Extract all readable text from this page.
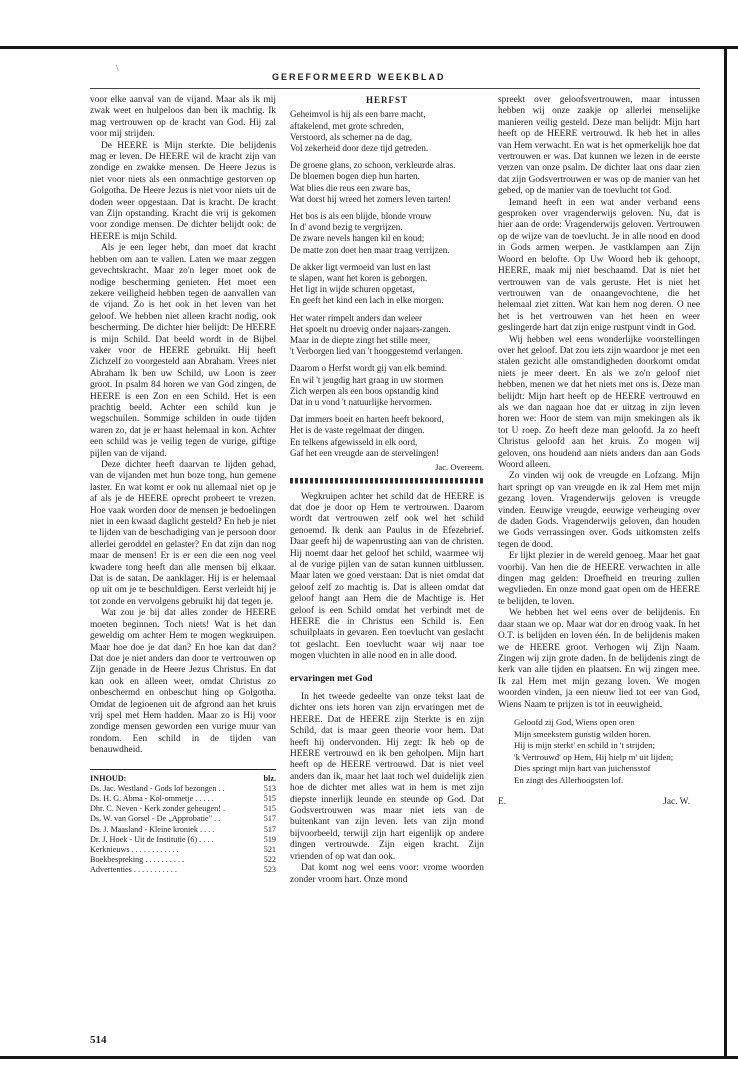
\
GEREFORMEERD WEEKBLAD

voor elke aanval van de vijand. Maar als ik mij zwak weet en hulpeloos dan ben ik machtig. Ik mag vertrouwen op de kracht van God. Hij zal voor mij strijden.

De HEERE is Mijn sterkte. Die belijdenis mag er leven. De HEERE wil de kracht zijn van zondige en zwakke mensen. De Heere Jezus is niet voor niets als een onmachtige gestorven op Golgotha. De Heere Jezus is niet voor niets uit de doden weer opgestaan. Dat is kracht. De kracht van Zijn opstanding. Kracht die vrij is gekomen voor zondige mensen. De dichter belijdt ook: de HEERE is mijn Schild.

Als je een leger hebt, dan moet dat kracht hebben om aan te vallen. Laten we maar zeggen gevechtskracht. Maar zo'n leger moet ook de nodige bescherming genieten. Het moet een zekere veiligheid hebben tegen de aanvallen van de vijand. Zo is het ook in het leven van het geloof. We hebben niet alleen kracht nodig, ook bescherming. De dichter hier belijdt: De HEERE is mijn Schild. Dat beeld wordt in de Bijbel vaker voor de HEERE gebruikt. Hij heeft Zichzelf zo voorgesteld aan Abraham. Vrees niet Abraham Ik ben uw Schild, uw Loon is zeer groot. In psalm 84 horen we van God zingen, de HEERE is een Zon en een Schild. Het is een prachtig beeld. Achter een schild kun je wegschuilen. Sommige schilden in oude tijden waren zo, dat je er haast helemaal in kon. Achter een schild was je veilig tegen de vurige, giftige pijlen van de vijand.

Deze dichter heeft daarvan te lijden gehad, van de vijanden met hun boze tong, hun gemene laster. En wat komt er ook nu allemaal niet op je af als je de HEERE oprecht probeert te vrezen. Hoe vaak worden door de mensen je bedoelingen niet in een kwaad daglicht gesteld? En heb je niet te lijden van de beschadiging van je persoon door allerlei geroddel en gelaster? En dat zijn dan nog maar de mensen! Er is er een die een nog veel kwadere tong heeft dan alle mensen bij elkaar. Dat is de satan. De aanklager. Hij is er helemaal op uit om je te beschuldigen. Eerst verleidt hij je tot zonde en vervolgens gebruikt hij dat tegen je.

Wat zou je bij dat alles zonder de HEERE moeten beginnen. Toch niets! Wat is het dan geweldig om achter Hem te mogen wegkruipen. Maar hoe doe je dat dan? En hoe kan dat dan? Dat doe je niet anders dan door te vertrouwen op Zijn genade in de Heere Jezus Christus. En dat kan ook en alleen weer, omdat Christus zo onbeschermd en onbeschut hing op Golgotha. Omdat de legioenen uit de afgrond aan het kruis vrij spel met Hem hadden. Maar zo is Hij voor zondige mensen geworden een vurige muur van rondom. Een schild in de tijden van benauwdheid.

INHOUD:	blz.
Ds. Jac. Westland - Gods lof bezongen . .	513
Ds. H. G. Abma - Kol-ommetje . . . . .	515
Dhr. C. Neven - Kerk zonder geheugen! .	515
Ds. W. van Gorsel - De „Approbatie" . .	517
Ds. J. Maasland - Kleine kroniek . . . .	517
Dr. J. Hoek - Uit de Institutie (6) . . . .	519
Kerknieuws . . . . . . . . . . . .	521
Boekbespreking . . . . . . . . . .	522
Advertenties . . . . . . . . . . .	523
HERFST
Geheimvol is hij als een barre macht,
aftakelend, met grote schreden,
Verstoord, als schemer na de dag,
Vol zekerheid door deze tijd getreden.
De groene glans, zo schoon, verkleurde alras.
De bloemen bogen diep hun harten.
Wat blies die reus een zware bas,
Wat dorst hij wreed het zomers leven tarten!
Het bos is als een blijde, blonde vrouw
In d' avond bezig te vergrijzen.
De zware nevels hangen kil en koud;
De matte zon doet hen maar traag verrijzen.
De akker ligt vermoeid van lust en last
te slapen, want het koren is geborgen.
Het ligt in wijde schuren opgetast,
En geeft het kind een lach in elke morgen.
Het water rimpelt anders dan weleer
Het spoelt nu droevig onder najaars-zangen.
Maar in de diepte zingt het stille meer,
't Verborgen lied van 't hooggestemd verlangen.
Daarom o Herfst wordt gij van elk bemind.
En wil 't jeugdig hart graag in uw stormen
Zich werpen als een boos opstandig kind
Dat in u vond 't natuurlijke hervormen.
Dat immers boeit en harten heeft bekoord,
Het is de vaste regelmaat der dingen.
En telkens afgewisseld in elk oord,
Gaf het een vreugde aan de stervelingen!
Jac. Overeem.

Wegkruipen achter het schild dat de HEERE is dat doe je door op Hem te vertrouwen. Daarom wordt dat vertrouwen zelf ook wel het schild genoemd. Ik denk aan Paulus in de Efezebrief. Daar geeft hij de wapenrusting aan van de christen. Hij noemt daar het geloof het schild, waarmee wij al de vurige pijlen van de satan kunnen uitblussen. Maar laten we goed verstaan: Dat is niet omdat dat geloof zelf zo machtig is. Dat is alleen omdat dat geloof hangt aan Hem die de Machtige is. Het geloof is een Schild omdat het verbindt met de HEERE die in Christus een Schild is. Een schuilplaats in gevaren. Een toevlucht van geslacht tot geslacht. Een toevlucht waar wij naar toe mogen vluchten in alle nood en in alle dood.

ervaringen met God

In het tweede gedeelte van onze tekst laat de dichter ons iets horen van zijn ervaringen met de HEERE. Dat de HEERE zijn Sterkte is en zijn Schild, dat is maar geen theorie voor hem. Dat heeft hij ondervonden. Hij zegt: Ik heb op de HEERE vertrouwd en ik ben geholpen. Mijn hart heeft op de HEERE vertrouwd. Dat is niet veel anders dan ik, maar het laat toch wel duidelijk zien hoe de dichter met alles wat in hem is met zijn diepste innerlijk leunde en steunde op God. Dat Godsvertrouwen was maar niet iets van de buitenkant van zijn leven. Iets van zijn mond bijvoorbeeld, terwijl zijn hart eigenlijk op andere dingen vertrouwde. Zijn eigen kracht. Zijn vrienden of op wat dan ook.

Dat komt nog wel eens voor: vrome woorden zonder vroom hart. Onze mond

spreekt over geloofsvertrouwen, maar intussen hebben wij onze zaakje op allerlei menselijke manieren veilig gesteld. Deze man belijdt: Mijn hart heeft op de HEERE vertrouwd. Ik heb het in alles van Hem verwacht. En wat is het opmerkelijk hoe dat vertrouwen er was. Dat kunnen we lezen in de eerste verzen van onze psalm. De dichter laat ons daar zien dat zijn Godsvertrouwen er was op de manier van het gebed, op de manier van de toevlucht tot God.

Iemand heeft in een wat ander verband eens gesproken over vragenderwijs geloven. Nu, dat is hier aan de orde: Vragenderwijs geloven. Vertrouwen op de wijze van de toevlucht. Je in alle nood en dood in Gods armen werpen. Je vastklampen aan Zijn Woord en belofte. Op Uw Woord heb ik gehoopt, HEERE, maak mij niet beschaamd. Dat is niet het vertrouwen van de vals geruste. Het is niet het vertrouwen van de onaangevochtene, die het helemaal ziet zitten. Wat kan hem nog deren. O nee het is het vertrouwen van het heen en weer geslingerde hart dat zijn enige rustpunt vindt in God.

Wij hebben wel eens wonderlijke voorstellingen over het geloof. Dat zou iets zijn waardoor je met een stalen gezicht alle omstandigheden doorkomt omdat niets je meer deert. En als we zo'n geloof niet hebben, menen we dat het niets met ons is. Deze man belijdt: Mijn hart heeft op de HEERE vertrouwd en als we dan nagaan hoe dat er uitzag in zijn leven horen we: Hoor de stem van mijn smekingen als ik tot U roep. Zo heeft deze man geloofd. Ja zo heeft Christus geloofd aan het kruis. Zo mogen wij geloven, ons houdend aan niets anders dan aan Gods Woord alleen.

Zo vinden wij ook de vreugde en Lofzang. Mijn hart springt op van vreugde en ik zal Hem met mijn gezang loven. Vragenderwijs geloven is vreugde vinden. Eeuwige vreugde, eeuwige verheuging over de daden Gods. Vragenderwijs geloven, dan houden we Gods verrassingen over. Gods uitkomsten zelfs tegen de dood.

Er lijkt plezier in de wereld genoeg. Maar het gaat voorbij. Van hen die de HEERE verwachten in alle dingen mag gelden: Droefheid en treuring zullen wegvlieden. En onze mond gaat open om de HEERE te belijden, te loven.

We hebben het wel eens over de belijdenis. En daar staan we op. Maar wat dor en droog vaak. In het O.T. is belijden en loven één. In de belijdenis maken we de HEERE groot. Verhogen wij Zijn Naam. Zingen wij zijn grote daden. In de belijdenis zingt de kerk van alle tijden en plaatsen. En wij zingen mee. Ik zal Hem met mijn gezang loven. We mogen woorden vinden, ja een nieuw lied tot eer van God, Wiens Naam te prijzen is tot in eeuwigheid.

Geloofd zij God, Wiens open oren
Mijn smeekstem gunstig wilden horen.
Hij is mijn sterkt' en schild in 't strijden;
'k Vertrouwd' op Hem, Hij hielp m' uit lijden;
Dies springt mijn hart van juichensstof
En zingt des Allerhoogsten lof.
E.	Jac. W.
514
